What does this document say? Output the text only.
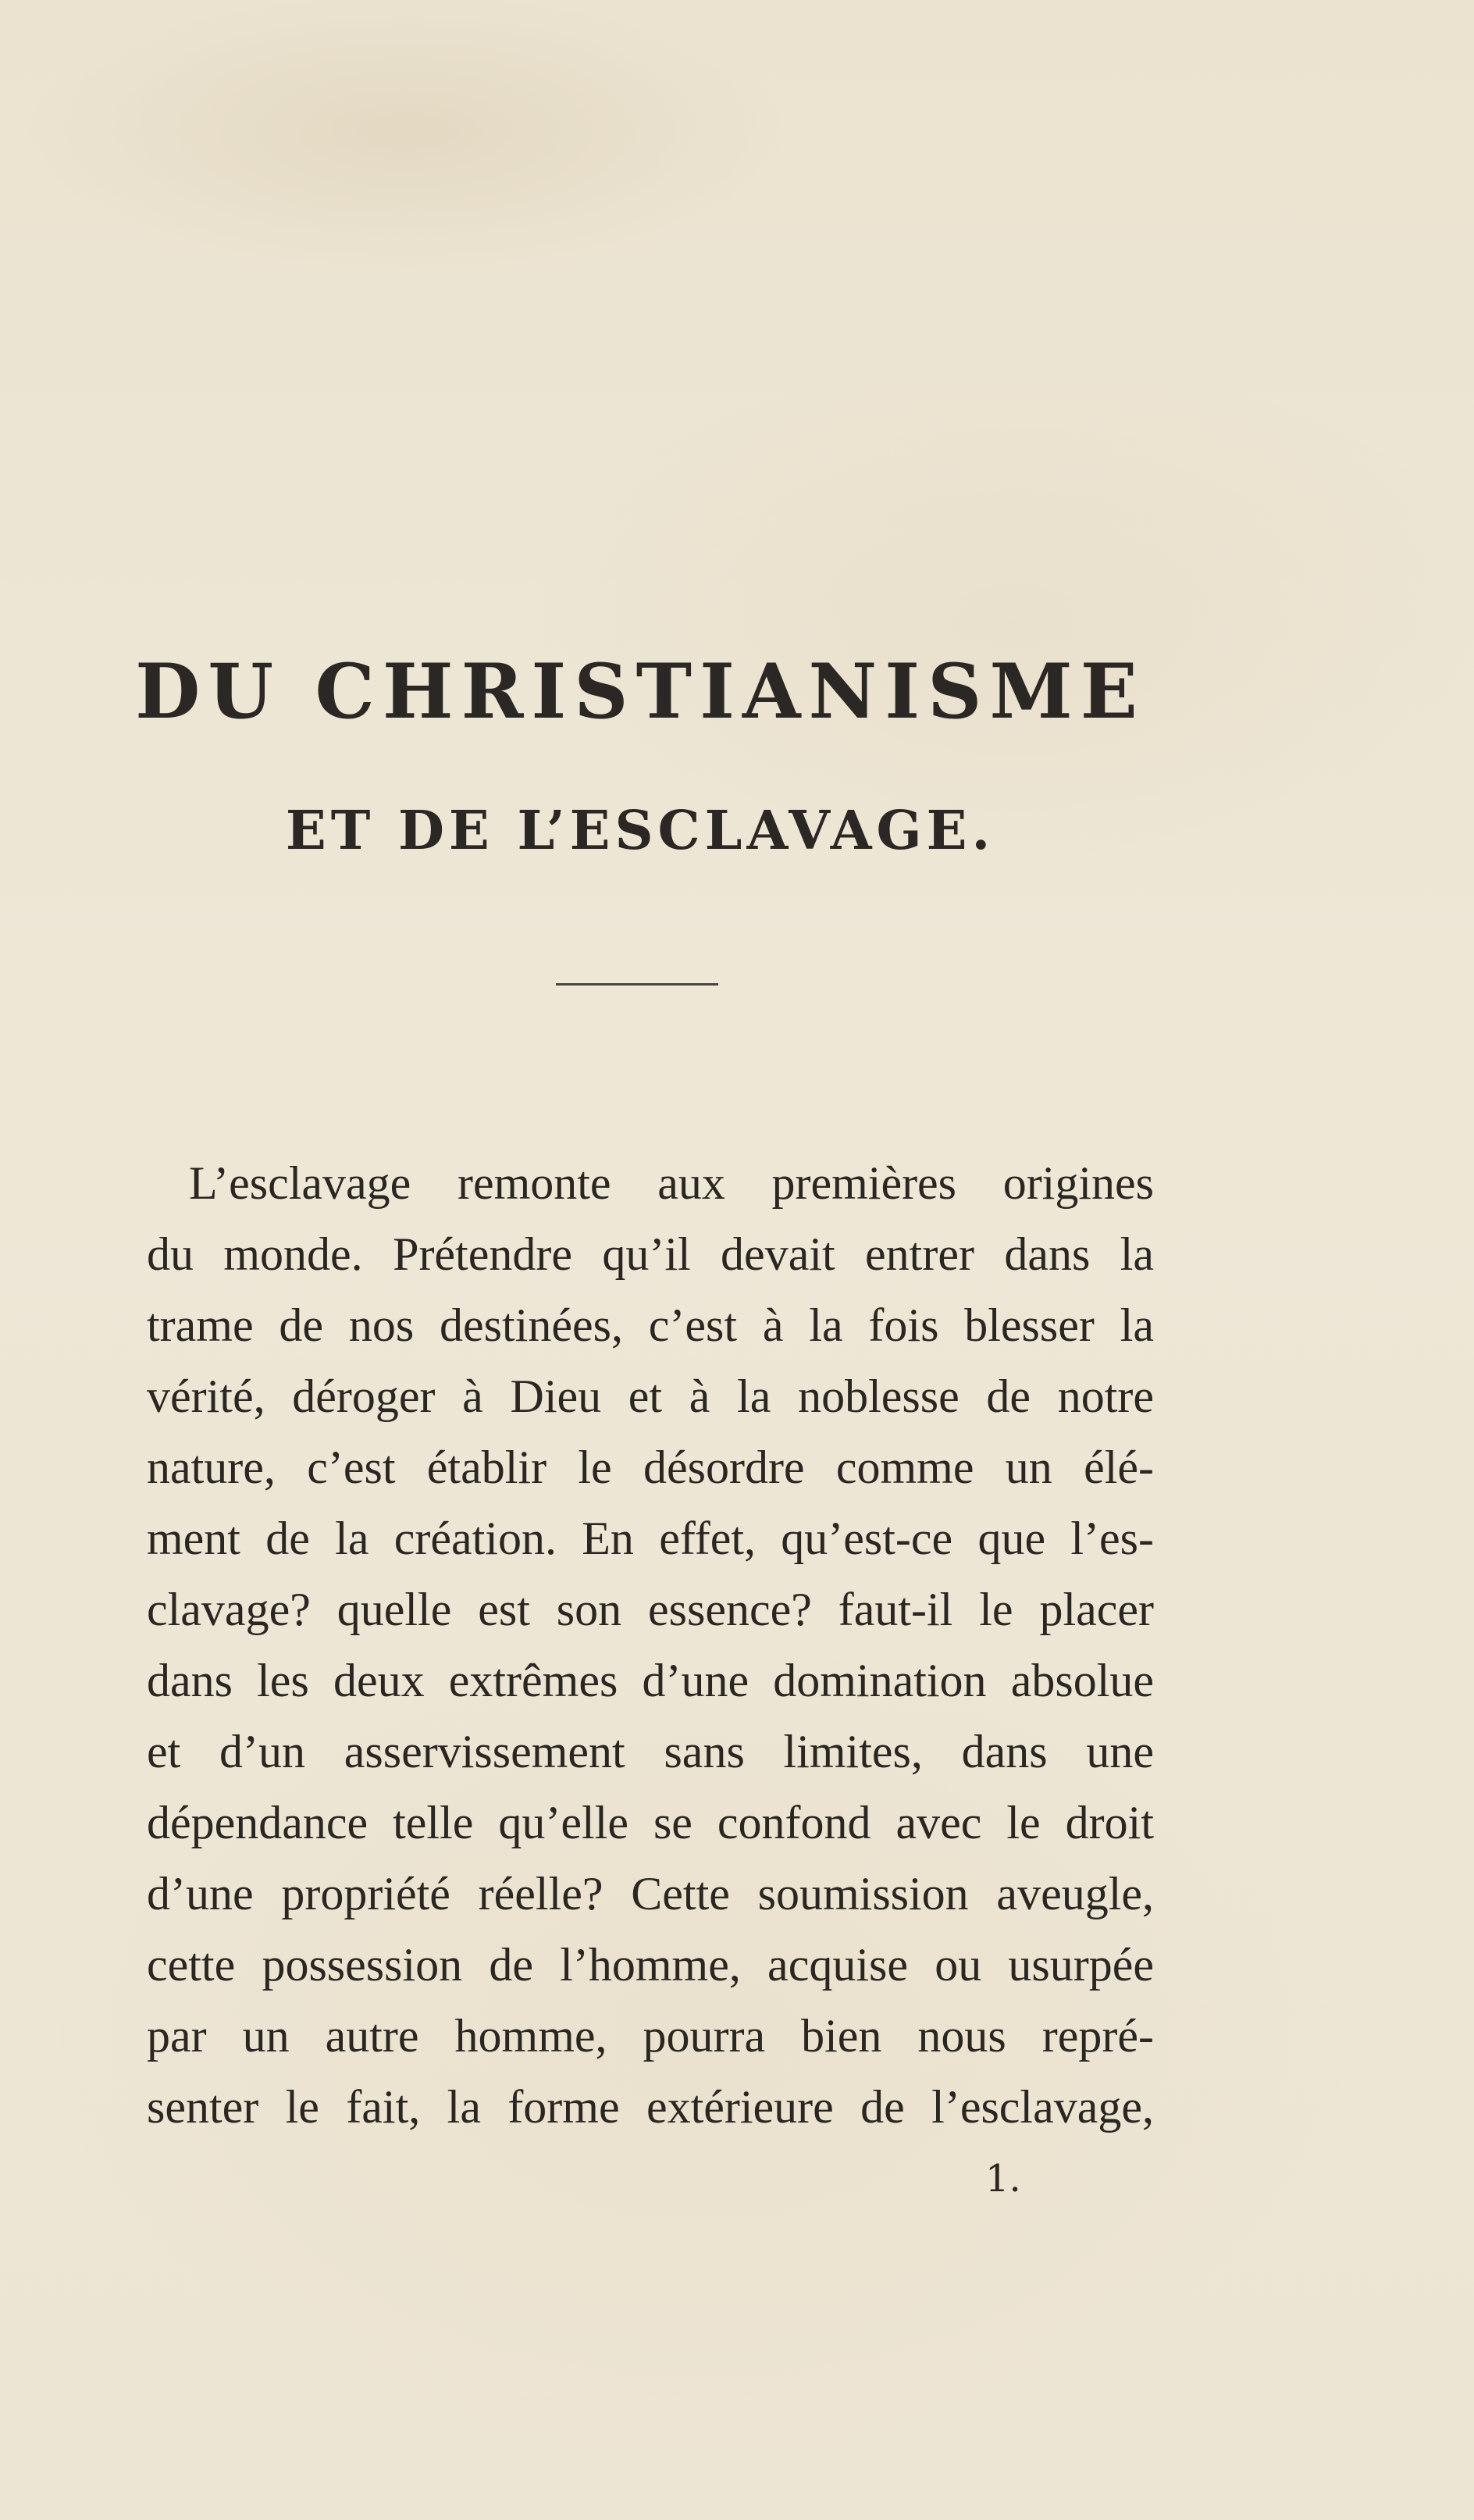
DU CHRISTIANISME
ET DE L’ESCLAVAGE.
L’esclavage remonte aux premières origines
du monde. Prétendre qu’il devait entrer dans la
trame de nos destinées, c’est à la fois blesser la
vérité, déroger à Dieu et à la noblesse de notre
nature, c’est établir le désordre comme un élé-
ment de la création. En effet, qu’est-ce que l’es-
clavage? quelle est son essence? faut-il le placer
dans les deux extrêmes d’une domination absolue
et d’un asservissement sans limites, dans une
dépendance telle qu’elle se confond avec le droit
d’une propriété réelle? Cette soumission aveugle,
cette possession de l’homme, acquise ou usurpée
par un autre homme, pourra bien nous repré-
senter le fait, la forme extérieure de l’esclavage,
1.
